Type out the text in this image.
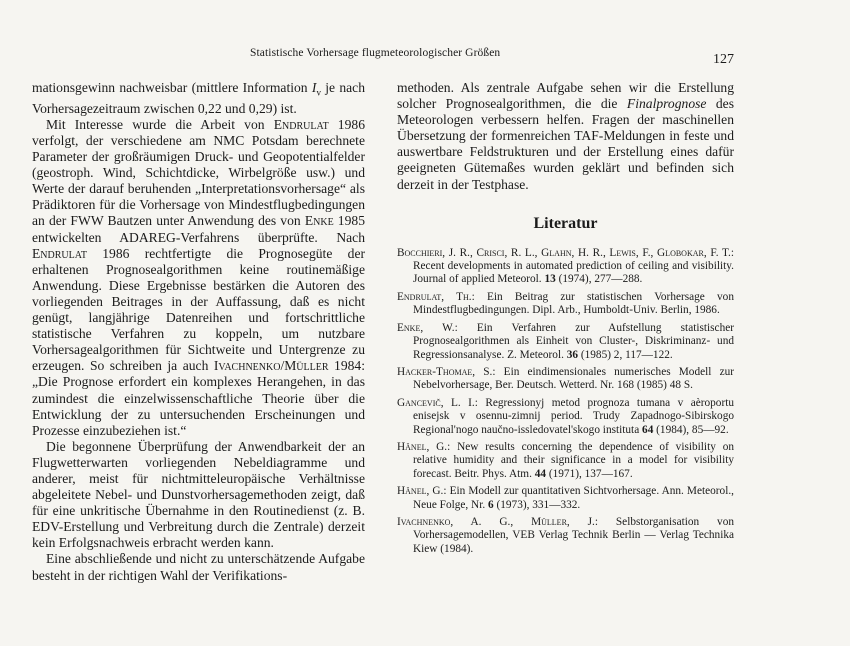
Statistische Vorhersage flugmeteorologischer Größen	127

mationsgewinn nachweisbar (mittlere Information $I_v$ je nach Vorhersagezeitraum zwischen 0,22 und 0,29) ist.

Mit Interesse wurde die Arbeit von Endrulat 1986 verfolgt, der verschiedene am NMC Potsdam berechnete Parameter der großräumigen Druck- und Geopotentialfelder (geostroph. Wind, Schichtdicke, Wirbelgröße usw.) und Werte der darauf beruhenden „Interpretationsvorhersage“ als Prädiktoren für die Vorhersage von Mindestflugbedingungen an der FWW Bautzen unter Anwendung des von Enke 1985 entwickelten ADAREG-Verfahrens überprüfte. Nach Endrulat 1986 rechtfertigte die Prognosegüte der erhaltenen Prognosealgorithmen keine routinemäßige Anwendung. Diese Ergebnisse bestärken die Autoren des vorliegenden Beitrages in der Auffassung, daß es nicht genügt, langjährige Datenreihen und fortschrittliche statistische Verfahren zu koppeln, um nutzbare Vorhersagealgorithmen für Sichtweite und Untergrenze zu erzeugen. So schreiben ja auch Ivachnenko/Müller 1984: „Die Prognose erfordert ein komplexes Herangehen, in das zumindest die einzelwissenschaftliche Theorie über die Entwicklung der zu untersuchenden Erscheinungen und Prozesse einzubeziehen ist.“

Die begonnene Überprüfung der Anwendbarkeit der an Flugwetterwarten vorliegenden Nebeldiagramme und anderer, meist für nichtmitteleuropäische Verhältnisse abgeleitete Nebel- und Dunstvorhersagemethoden zeigt, daß für eine unkritische Übernahme in den Routinedienst (z. B. EDV-Erstellung und Verbreitung durch die Zentrale) derzeit kein Erfolgsnachweis erbracht werden kann.

Eine abschließende und nicht zu unterschätzende Aufgabe besteht in der richtigen Wahl der Verifikations-

methoden. Als zentrale Aufgabe sehen wir die Erstellung solcher Prognosealgorithmen, die die Finalprognose des Meteorologen verbessern helfen. Fragen der maschinellen Übersetzung der formenreichen TAF-Meldungen in feste und auswertbare Feldstrukturen und der Erstellung eines dafür geeigneten Gütemaßes wurden geklärt und befinden sich derzeit in der Testphase.

Literatur

Bocchieri, J. R., Crisci, R. L., Glahn, H. R., Lewis, F., Globokar, F. T.: Recent developments in automated prediction of ceiling and visibility. Journal of applied Meteorol. 13 (1974), 277—288.

Endrulat, Th.: Ein Beitrag zur statistischen Vorhersage von Mindestflugbedingungen. Dipl. Arb., Humboldt-Univ. Berlin, 1986.

Enke, W.: Ein Verfahren zur Aufstellung statistischer Prognosealgorithmen als Einheit von Cluster-, Diskriminanz- und Regressionsanalyse. Z. Meteorol. 36 (1985) 2, 117—122.

Hacker-Thomae, S.: Ein eindimensionales numerisches Modell zur Nebelvorhersage, Ber. Deutsch. Wetterd. Nr. 168 (1985) 48 S.

Gancevič, L. I.: Regressionyj metod prognoza tumana v aèroportu enisejsk v osennu-zimnij period. Trudy Zapadnogo-Sibirskogo Regional'nogo naučno-issledovatel'skogo instituta 64 (1984), 85—92.

Hänel, G.: New results concerning the dependence of visibility on relative humidity and their significance in a model for visibility forecast. Beitr. Phys. Atm. 44 (1971), 137—167.

Hänel, G.: Ein Modell zur quantitativen Sichtvorhersage. Ann. Meteorol., Neue Folge, Nr. 6 (1973), 331—332.

Ivachnenko, A. G., Müller, J.: Selbstorganisation von Vorhersagemodellen, VEB Verlag Technik Berlin — Verlag Technika Kiew (1984).
